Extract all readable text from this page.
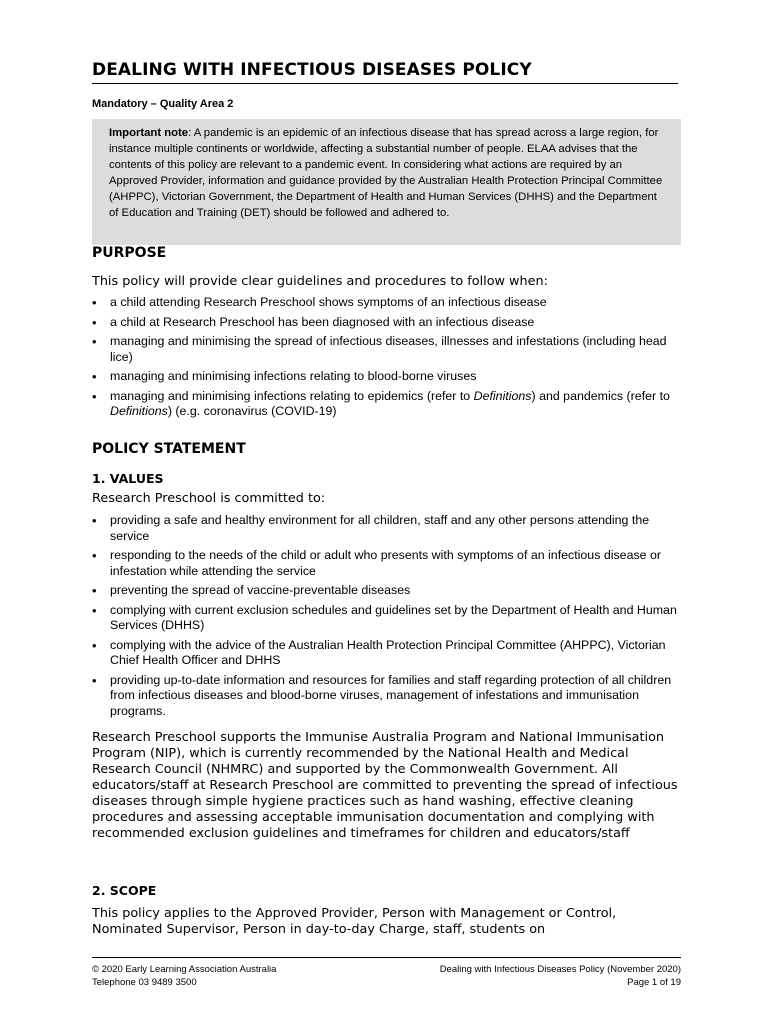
DEALING WITH INFECTIOUS DISEASES POLICY
Mandatory – Quality Area 2
Important note: A pandemic is an epidemic of an infectious disease that has spread across a large region, for instance multiple continents or worldwide, affecting a substantial number of people. ELAA advises that the contents of this policy are relevant to a pandemic event. In considering what actions are required by an Approved Provider, information and guidance provided by the Australian Health Protection Principal Committee (AHPPC), Victorian Government, the Department of Health and Human Services (DHHS) and the Department of Education and Training (DET) should be followed and adhered to.
PURPOSE
This policy will provide clear guidelines and procedures to follow when:
• a child attending Research Preschool shows symptoms of an infectious disease
• a child at Research Preschool has been diagnosed with an infectious disease
• managing and minimising the spread of infectious diseases, illnesses and infestations (including head lice)
• managing and minimising infections relating to blood-borne viruses
• managing and minimising infections relating to epidemics (refer to Definitions) and pandemics (refer to Definitions) (e.g. coronavirus (COVID-19)
POLICY STATEMENT
1. VALUES
Research Preschool is committed to:
• providing a safe and healthy environment for all children, staff and any other persons attending the service
• responding to the needs of the child or adult who presents with symptoms of an infectious disease or infestation while attending the service
• preventing the spread of vaccine-preventable diseases
• complying with current exclusion schedules and guidelines set by the Department of Health and Human Services (DHHS)
• complying with the advice of the Australian Health Protection Principal Committee (AHPPC), Victorian Chief Health Officer and DHHS
• providing up-to-date information and resources for families and staff regarding protection of all children from infectious diseases and blood-borne viruses, management of infestations and immunisation programs.
Research Preschool supports the Immunise Australia Program and National Immunisation Program (NIP), which is currently recommended by the National Health and Medical Research Council (NHMRC) and supported by the Commonwealth Government. All educators/staff at Research Preschool are committed to preventing the spread of infectious diseases through simple hygiene practices such as hand washing, effective cleaning procedures and assessing acceptable immunisation documentation and complying with recommended exclusion guidelines and timeframes for children and educators/staff
2. SCOPE
This policy applies to the Approved Provider, Person with Management or Control, Nominated Supervisor, Person in day-to-day Charge, staff, students on
© 2020 Early Learning Association Australia
Telephone 03 9489 3500
Dealing with Infectious Diseases Policy (November 2020)
Page 1 of 19
